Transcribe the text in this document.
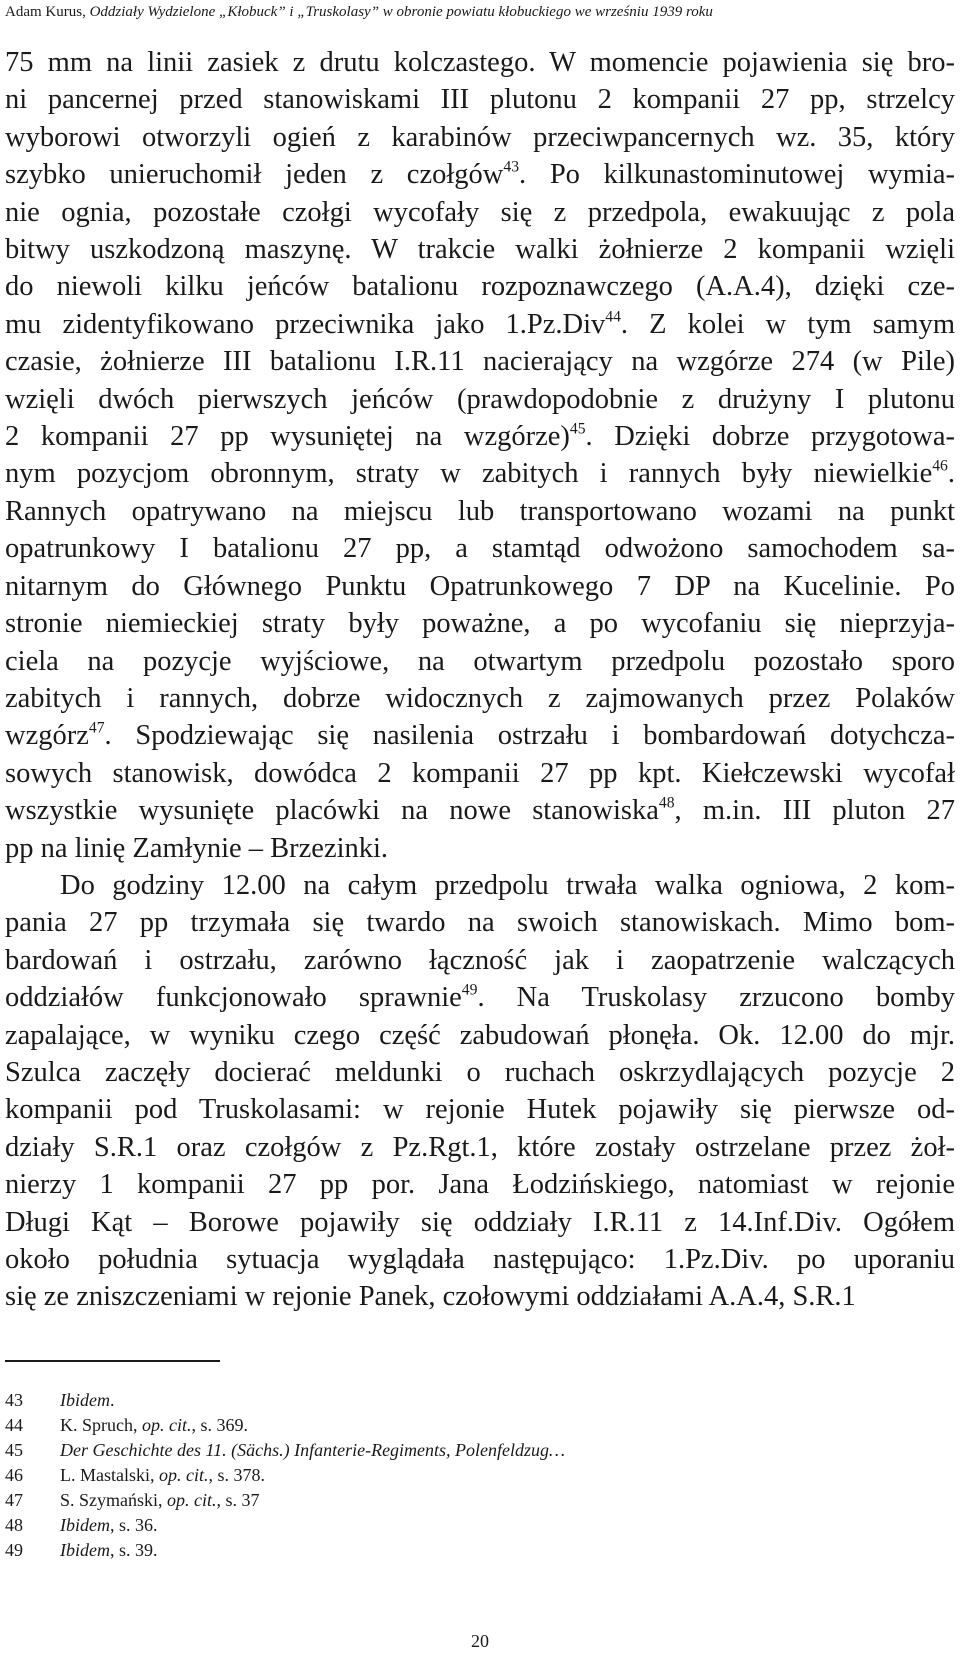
Adam Kurus, Oddziały Wydzielone „Kłobuck” i „Truskolasy” w obronie powiatu kłobuckiego we wrześniu 1939 roku
75 mm na linii zasiek z drutu kolczastego. W momencie pojawienia się bro-
ni pancernej przed stanowiskami III plutonu 2 kompanii 27 pp, strzelcy
wyborowi otworzyli ogień z karabinów przeciwpancernych wz. 35, który
szybko unieruchomił jeden z czołgów$^{43}$. Po kilkunastominutowej wymia-
nie ognia, pozostałe czołgi wycofały się z przedpola, ewakuując z pola
bitwy uszkodzoną maszynę. W trakcie walki żołnierze 2 kompanii wzięli
do niewoli kilku jeńców batalionu rozpoznawczego (A.A.4), dzięki cze-
mu zidentyfikowano przeciwnika jako 1.Pz.Div$^{44}$. Z kolei w tym samym
czasie, żołnierze III batalionu I.R.11 nacierający na wzgórze 274 (w Pile)
wzięli dwóch pierwszych jeńców (prawdopodobnie z drużyny I plutonu
2 kompanii 27 pp wysuniętej na wzgórze)$^{45}$. Dzięki dobrze przygotowa-
nym pozycjom obronnym, straty w zabitych i rannych były niewielkie$^{46}$.
Rannych opatrywano na miejscu lub transportowano wozami na punkt
opatrunkowy I batalionu 27 pp, a stamtąd odwożono samochodem sa-
nitarnym do Głównego Punktu Opatrunkowego 7 DP na Kucelinie. Po
stronie niemieckiej straty były poważne, a po wycofaniu się nieprzyja-
ciela na pozycje wyjściowe, na otwartym przedpolu pozostało sporo
zabitych i rannych, dobrze widocznych z zajmowanych przez Polaków
wzgórz$^{47}$. Spodziewając się nasilenia ostrzału i bombardowań dotychcza-
sowych stanowisk, dowódca 2 kompanii 27 pp kpt. Kiełczewski wycofał
wszystkie wysunięte placówki na nowe stanowiska$^{48}$, m.in. III pluton 27
pp na linię Zamłynie – Brzezinki.
Do godziny 12.00 na całym przedpolu trwała walka ogniowa, 2 kom-
pania 27 pp trzymała się twardo na swoich stanowiskach. Mimo bom-
bardowań i ostrzału, zarówno łączność jak i zaopatrzenie walczących
oddziałów funkcjonowało sprawnie$^{49}$. Na Truskolasy zrzucono bomby
zapalające, w wyniku czego część zabudowań płonęła. Ok. 12.00 do mjr.
Szulca zaczęły docierać meldunki o ruchach oskrzydlających pozycje 2
kompanii pod Truskolasami: w rejonie Hutek pojawiły się pierwsze od-
działy S.R.1 oraz czołgów z Pz.Rgt.1, które zostały ostrzelane przez żoł-
nierzy 1 kompanii 27 pp por. Jana Łodzińskiego, natomiast w rejonie
Długi Kąt – Borowe pojawiły się oddziały I.R.11 z 14.Inf.Div. Ogółem
około południa sytuacja wyglądała następująco: 1.Pz.Div. po uporaniu
się ze zniszczeniami w rejonie Panek, czołowymi oddziałami A.A.4, S.R.1
43	Ibidem.
44	K. Spruch, op. cit., s. 369.
45	Der Geschichte des 11. (Sächs.) Infanterie-Regiments, Polenfeldzug…
46	L. Mastalski, op. cit., s. 378.
47	S. Szymański, op. cit., s. 37
48	Ibidem, s. 36.
49	Ibidem, s. 39.
20
